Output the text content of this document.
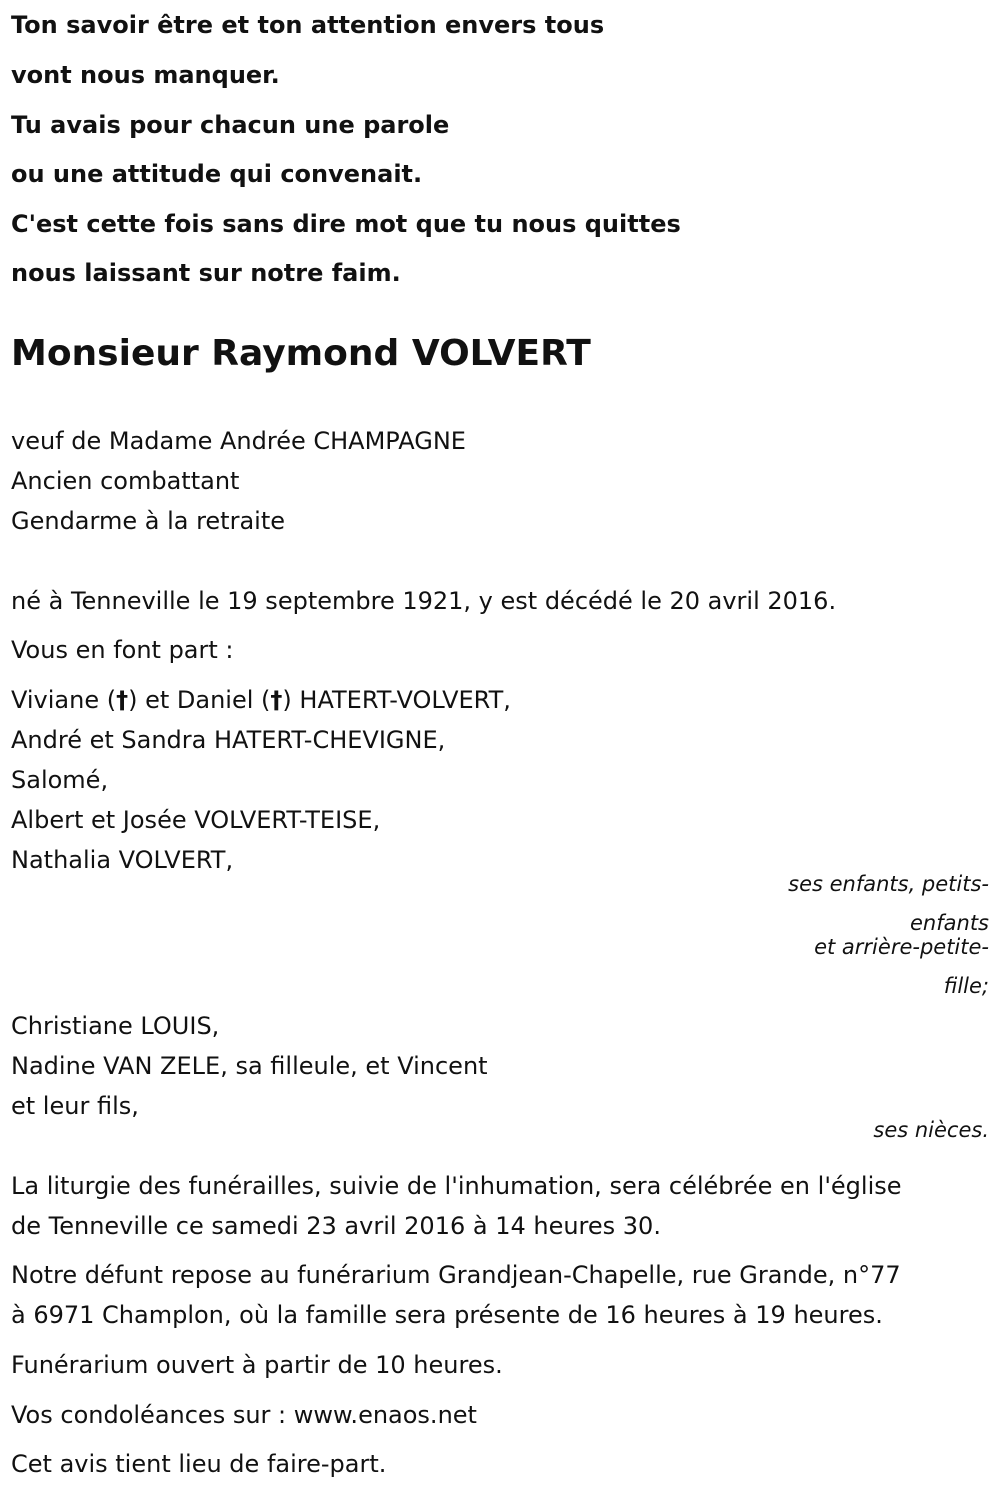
Ton savoir être et ton attention envers tous
vont nous manquer.
Tu avais pour chacun une parole
ou une attitude qui convenait.
C'est cette fois sans dire mot que tu nous quittes
nous laissant sur notre faim.
Monsieur Raymond VOLVERT
veuf de Madame Andrée CHAMPAGNE
Ancien combattant
Gendarme à la retraite
né à Tenneville le 19 septembre 1921, y est décédé le 20 avril 2016.
Vous en font part :
Viviane (†) et Daniel (†) HATERT-VOLVERT,
André et Sandra HATERT-CHEVIGNE,
Salomé,
Albert et Josée VOLVERT-TEISE,
Nathalia VOLVERT,
ses enfants, petits-
enfants
et arrière-petite-
fille;
Christiane LOUIS,
Nadine VAN ZELE, sa filleule, et Vincent
et leur fils,
ses nièces.
La liturgie des funérailles, suivie de l'inhumation, sera célébrée en l'église
de Tenneville ce samedi 23 avril 2016 à 14 heures 30.
Notre défunt repose au funérarium Grandjean-Chapelle, rue Grande, n°77
à 6971 Champlon, où la famille sera présente de 16 heures à 19 heures.
Funérarium ouvert à partir de 10 heures.
Vos condoléances sur : www.enaos.net
Cet avis tient lieu de faire-part.
